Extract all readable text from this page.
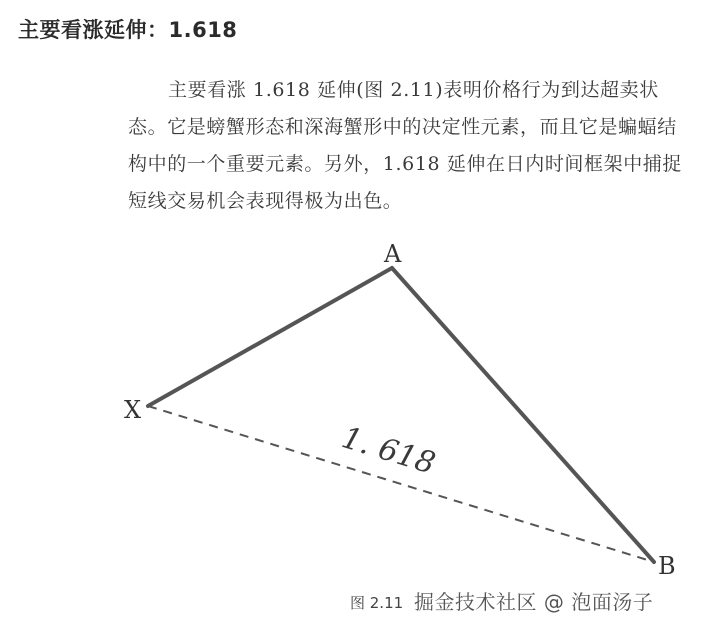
主要看涨延伸：1.618
主要看涨 1.618 延伸(图 2.11)表明价格行为到达超卖状态。它是螃蟹形态和深海蟹形中的决定性元素，而且它是蝙蝠结构中的一个重要元素。另外，1.618 延伸在日内时间框架中捕捉短线交易机会表现得极为出色。
X
A
B
1. 618
图 2.11 掘金技术社区 @ 泡面汤子
